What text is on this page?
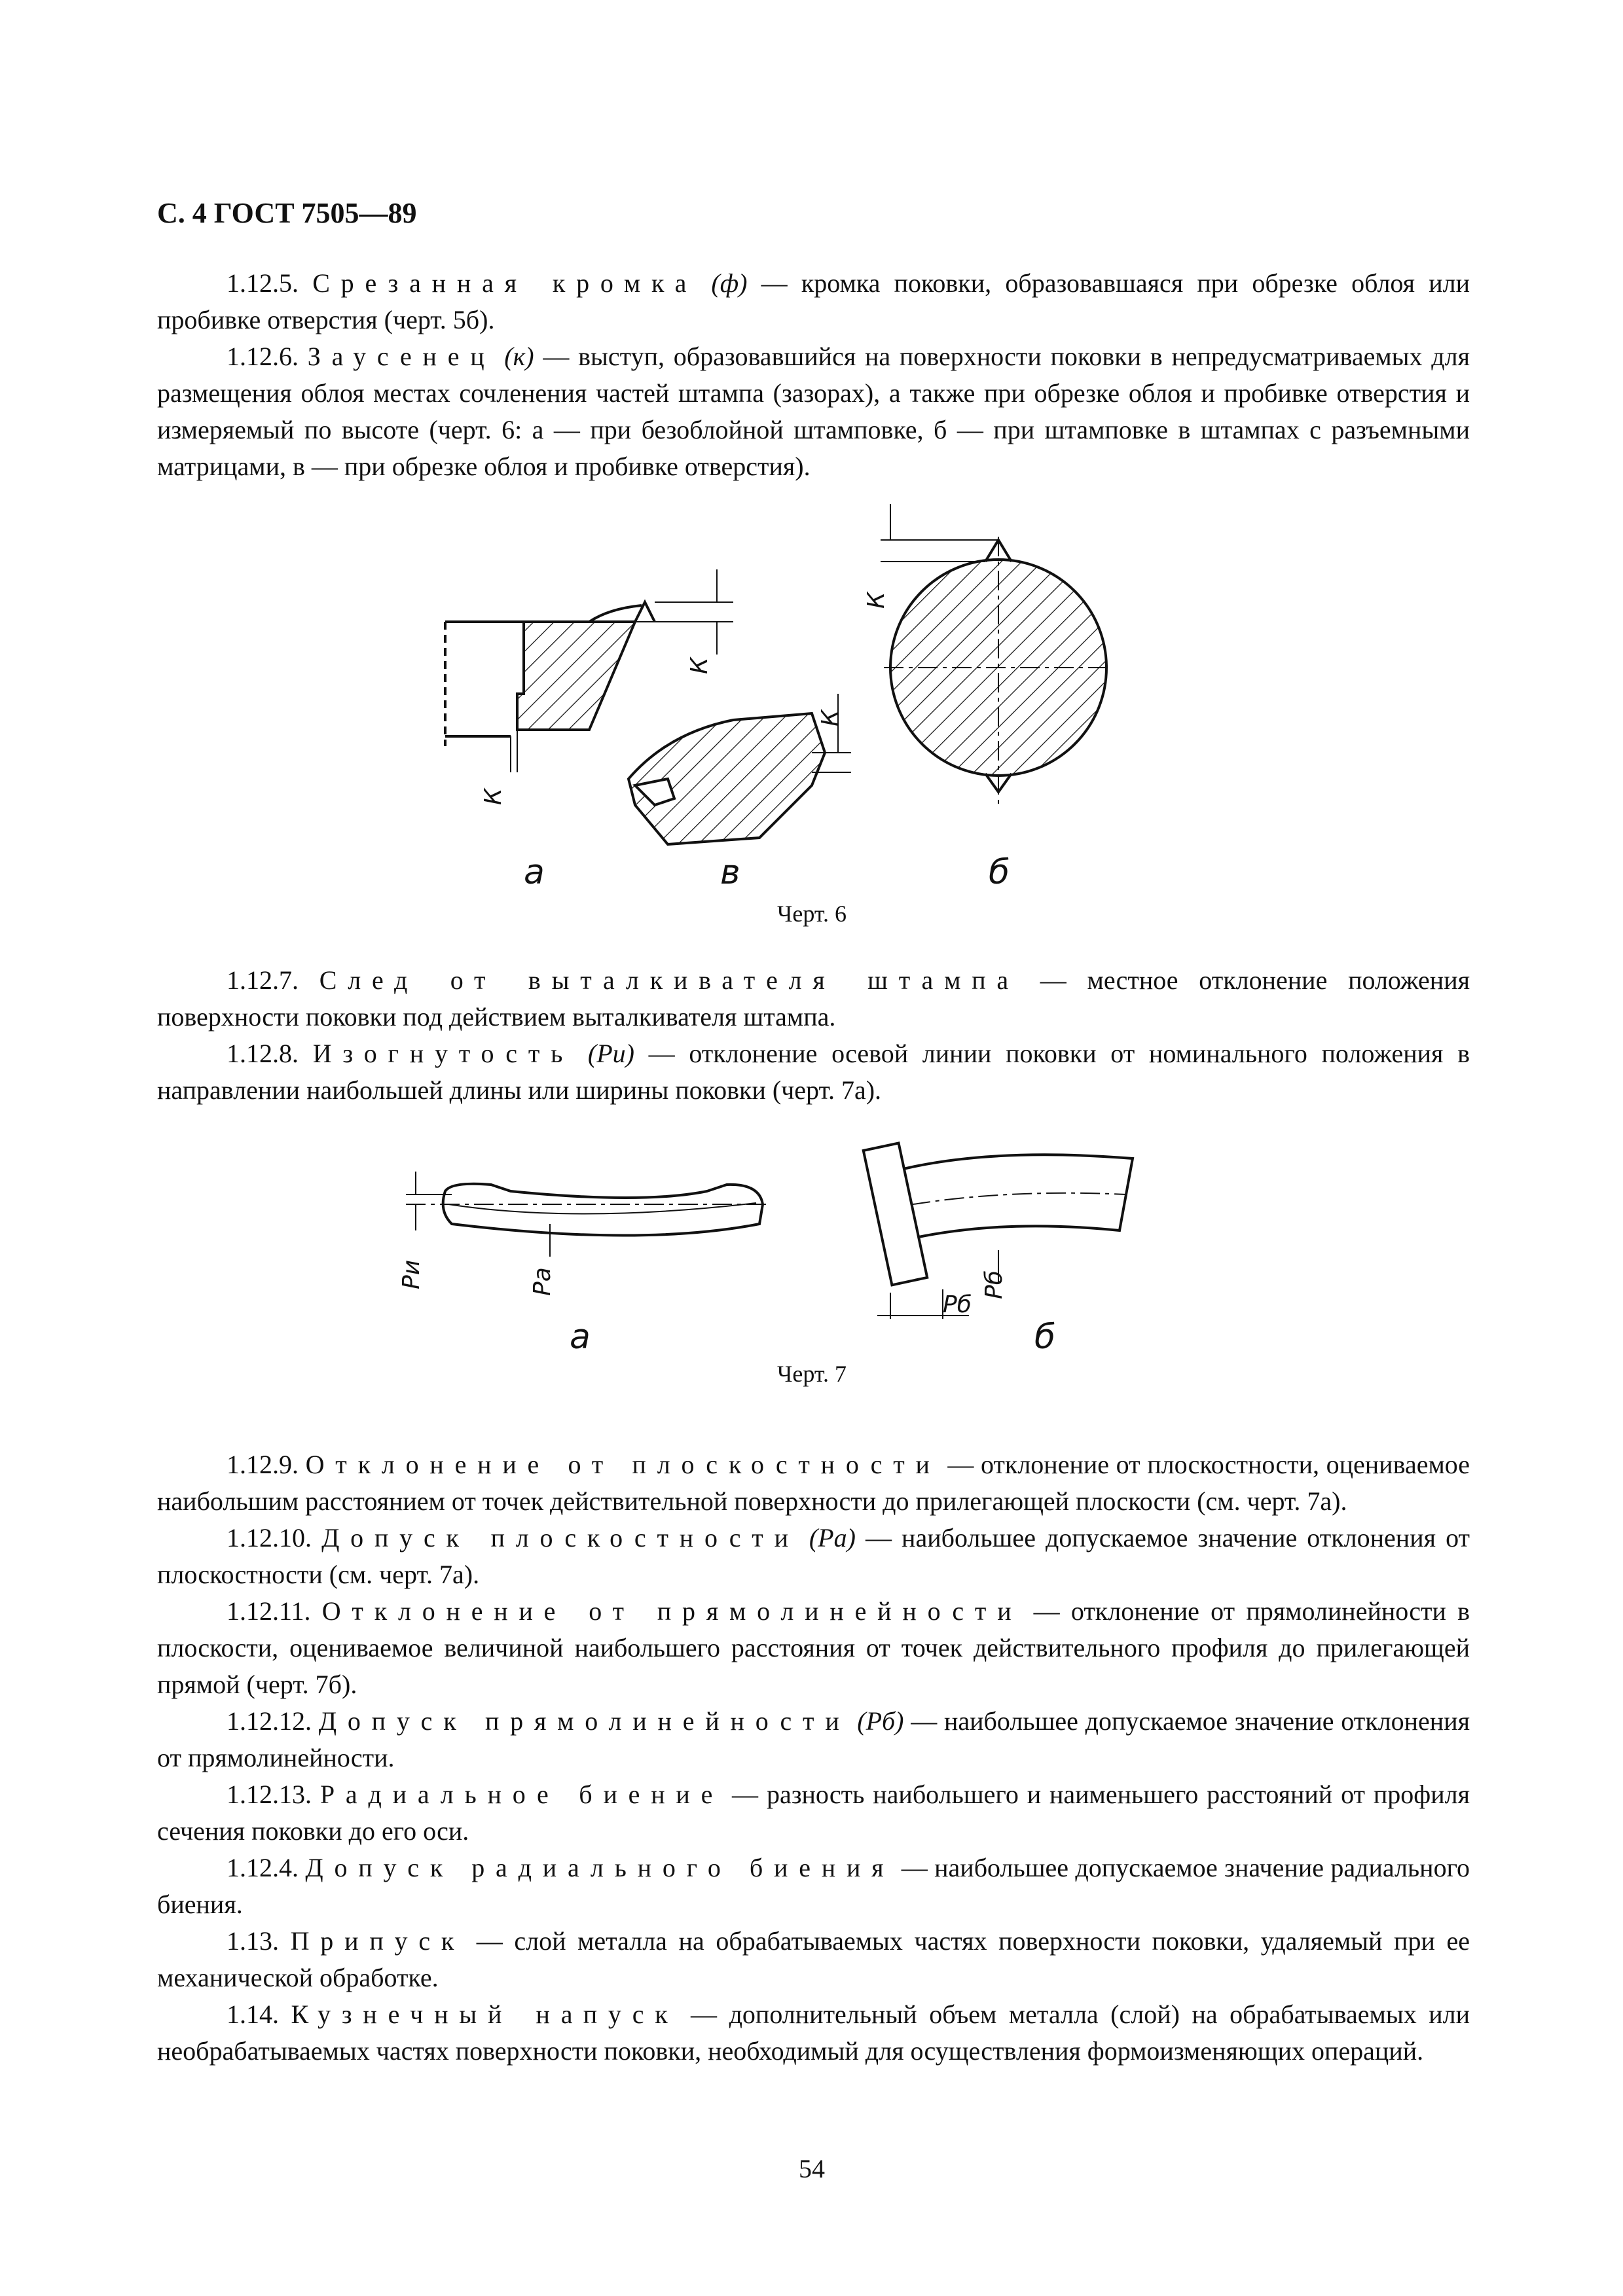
С. 4 ГОСТ 7505—89

1.12.5. Срезанная кромка (ф) — кромка поковки, образовавшаяся при обрезке облоя или пробивке отверстия (черт. 5б).

1.12.6. Заусенец (к) — выступ, образовавшийся на поверхности поковки в непредусматриваемых для размещения облоя местах сочленения частей штампа (зазорах), а также при обрезке облоя и пробивке отверстия и измеряемый по высоте (черт. 6: а — при безоблойной штамповке, б — при штамповке в штампах с разъемными матрицами, в — при обрезке облоя и пробивке отверстия).

К
К
К
К
а	в	б
Черт. 6

1.12.7. След от выталкивателя штампа — местное отклонение положения поверхности поковки под действием выталкивателя штампа.

1.12.8. Изогнутость (Pи) — отклонение осевой линии поковки от номинального положения в направлении наибольшей длины или ширины поковки (черт. 7а).

Pи	Pа
Pб
Pб
а	б
Черт. 7

1.12.9. Отклонение от плоскостности — отклонение от плоскостности, оцениваемое наибольшим расстоянием от точек действительной поверхности до прилегающей плоскости (см. черт. 7а).

1.12.10. Допуск плоскостности (Pа) — наибольшее допускаемое значение отклонения от плоскостности (см. черт. 7а).

1.12.11. Отклонение от прямолинейности — отклонение от прямолинейности в плоскости, оцениваемое величиной наибольшего расстояния от точек действительного профиля до прилегающей прямой (черт. 7б).

1.12.12. Допуск прямолинейности (Pб) — наибольшее допускаемое значение отклонения от прямолинейности.

1.12.13. Радиальное биение — разность наибольшего и наименьшего расстояний от профиля сечения поковки до его оси.

1.12.4. Допуск радиального биения — наибольшее допускаемое значение радиального биения.

1.13. Припуск — слой металла на обрабатываемых частях поверхности поковки, удаляемый при ее механической обработке.

1.14. Кузнечный напуск — дополнительный объем металла (слой) на обрабатываемых или необрабатываемых частях поверхности поковки, необходимый для осуществления формоизменяющих операций.

54
